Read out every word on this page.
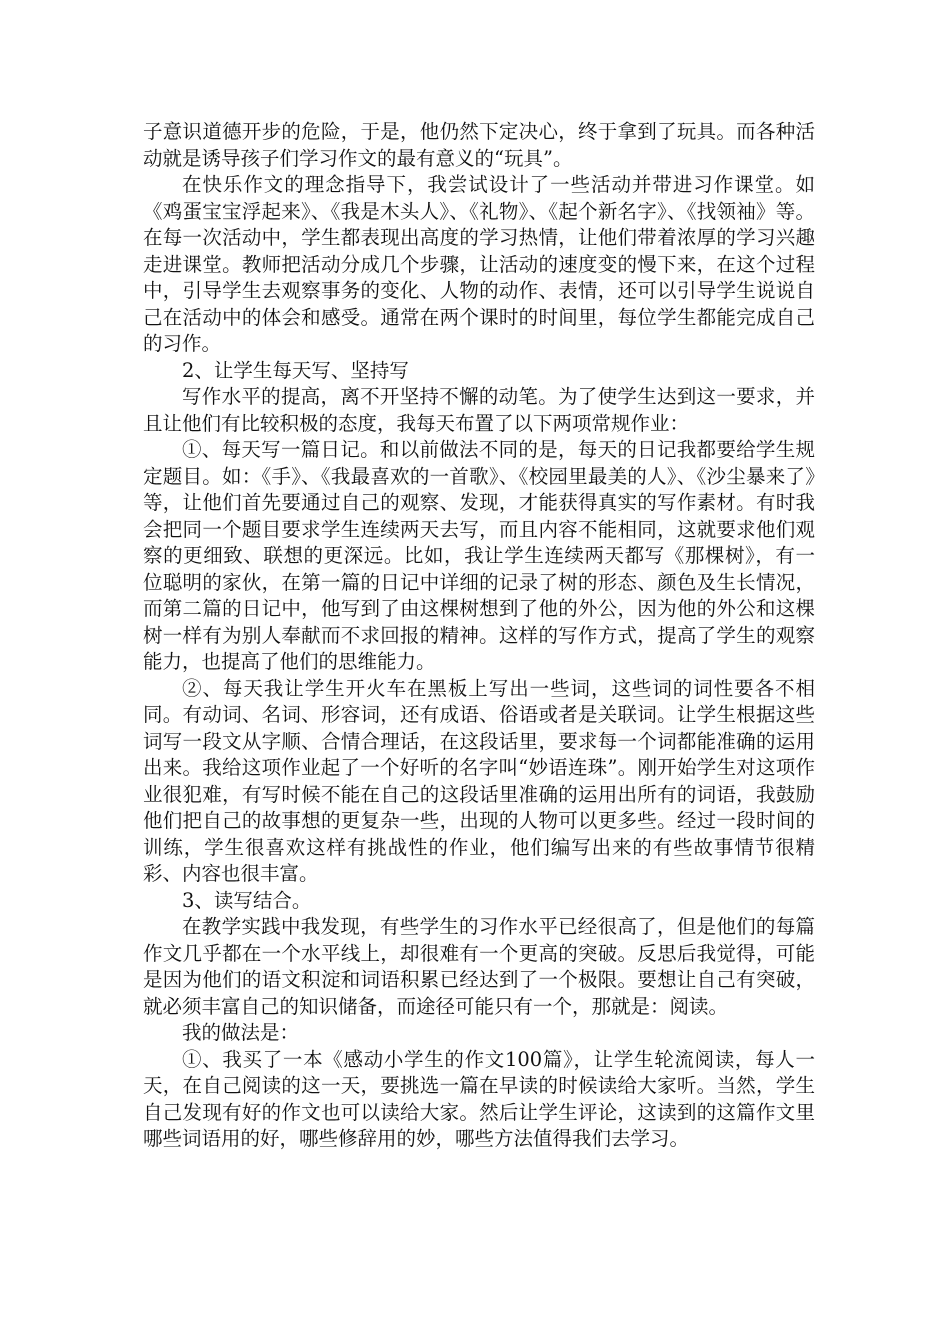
子意识道德开步的危险，于是，他仍然下定决心，终于拿到了玩具。而各种活动就是诱导孩子们学习作文的最有意义的“玩具”。

在快乐作文的理念指导下，我尝试设计了一些活动并带进习作课堂。如《鸡蛋宝宝浮起来》、《我是木头人》、《礼物》、《起个新名字》、《找领袖》等。在每一次活动中，学生都表现出高度的学习热情，让他们带着浓厚的学习兴趣走进课堂。教师把活动分成几个步骤，让活动的速度变的慢下来，在这个过程中，引导学生去观察事务的变化、人物的动作、表情，还可以引导学生说说自己在活动中的体会和感受。通常在两个课时的时间里，每位学生都能完成自己的习作。

2、让学生每天写、坚持写

写作水平的提高，离不开坚持不懈的动笔。为了使学生达到这一要求，并且让他们有比较积极的态度，我每天布置了以下两项常规作业：

①、每天写一篇日记。和以前做法不同的是，每天的日记我都要给学生规定题目。如：《手》、《我最喜欢的一首歌》、《校园里最美的人》、《沙尘暴来了》等，让他们首先要通过自己的观察、发现，才能获得真实的写作素材。有时我会把同一个题目要求学生连续两天去写，而且内容不能相同，这就要求他们观察的更细致、联想的更深远。比如，我让学生连续两天都写《那棵树》，有一位聪明的家伙，在第一篇的日记中详细的记录了树的形态、颜色及生长情况，而第二篇的日记中，他写到了由这棵树想到了他的外公，因为他的外公和这棵树一样有为别人奉献而不求回报的精神。这样的写作方式，提高了学生的观察能力，也提高了他们的思维能力。

②、每天我让学生开火车在黑板上写出一些词，这些词的词性要各不相同。有动词、名词、形容词，还有成语、俗语或者是关联词。让学生根据这些词写一段文从字顺、合情合理话，在这段话里，要求每一个词都能准确的运用出来。我给这项作业起了一个好听的名字叫“妙语连珠”。刚开始学生对这项作业很犯难，有写时候不能在自己的这段话里准确的运用出所有的词语，我鼓励他们把自己的故事想的更复杂一些，出现的人物可以更多些。经过一段时间的训练，学生很喜欢这样有挑战性的作业，他们编写出来的有些故事情节很精彩、内容也很丰富。

3、读写结合。

在教学实践中我发现，有些学生的习作水平已经很高了，但是他们的每篇作文几乎都在一个水平线上，却很难有一个更高的突破。反思后我觉得，可能是因为他们的语文积淀和词语积累已经达到了一个极限。要想让自己有突破，就必须丰富自己的知识储备，而途径可能只有一个，那就是：阅读。

我的做法是：

①、我买了一本《感动小学生的作文100篇》，让学生轮流阅读，每人一天，在自己阅读的这一天，要挑选一篇在早读的时候读给大家听。当然，学生自己发现有好的作文也可以读给大家。然后让学生评论，这读到的这篇作文里哪些词语用的好，哪些修辞用的妙，哪些方法值得我们去学习。
